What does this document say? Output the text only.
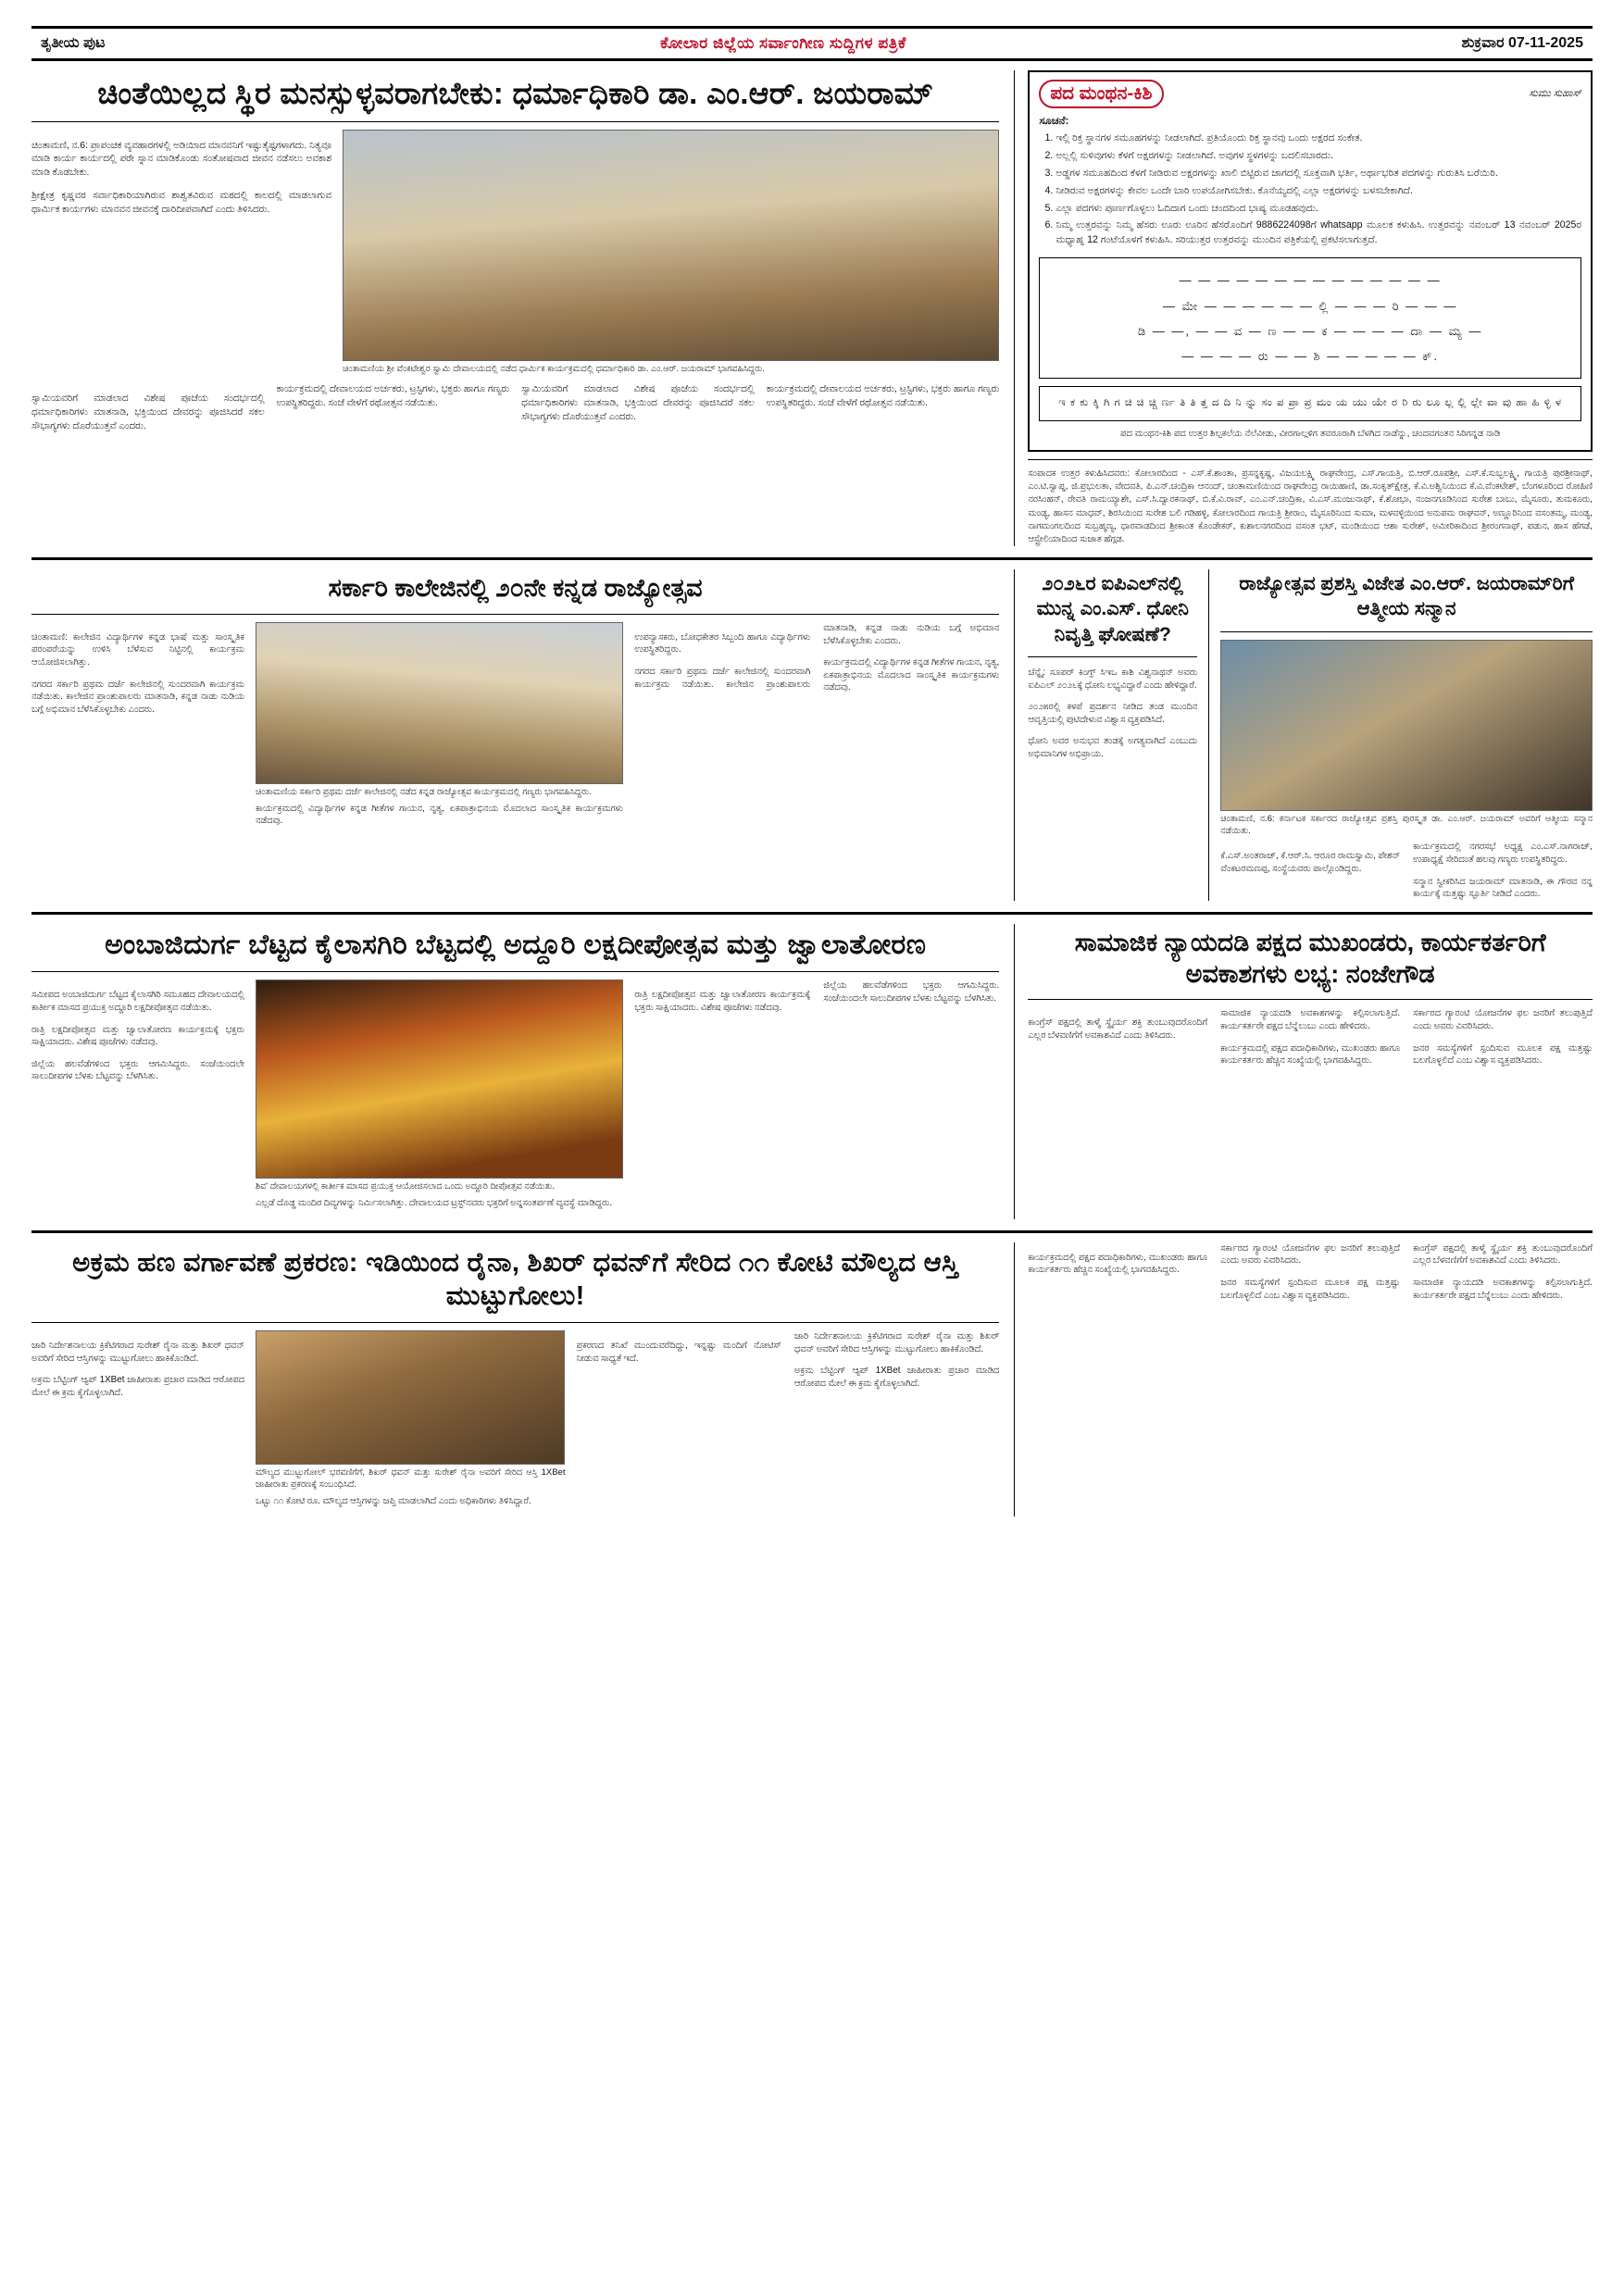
ತೃತೀಯ ಪುಟ	ಕೋಲಾರ ಜಿಲ್ಲೆಯ ಸರ್ವಾಂಗೀಣ ಸುದ್ದಿಗಳ ಪತ್ರಿಕೆ	ಶುಕ್ರವಾರ 07-11-2025
ಚಿಂತೆಯಿಲ್ಲದ ಸ್ಥಿರ ಮನಸ್ಸುಳ್ಳವರಾಗಬೇಕು: ಧರ್ಮಾಧಿಕಾರಿ ಡಾ. ಎಂ.ಆರ್. ಜಯರಾಮ್

ಚಿಂತಾಮಣಿ, ನ.6: ಪ್ರಾಪಂಚಿಕ ವ್ಯವಹಾರಗಳಲ್ಲಿ ಅಡಿಯಿಾದ ಮಾನವನಿಗೆ ಇಷ್ಟುತೈಷ್ಟಗಳಾಗದು. ನಿತ್ಯವೂ ಮಾಡಿ ಕಾರ್ಯ ಕಾರ್ಯದಲ್ಲಿ ಪರೇ ಸ್ನಾನ ಮಾಡಿಕೊಂಡು ಸಂತೋಷವಾದ ಜೀವನ ನಡೆಸಲು ಅವಕಾಶ ಮಾಡಿ ಕೊಡಬೇಕು.

ಶ್ರೀಕ್ಷೇತ್ರ ಕೃಷ್ಣವರ ಸರ್ವಾಧಿಕಾರಿಯಾಗಿರುವ ಶಾಶ್ವತವಿರುವ ಮಠದಲ್ಲಿ ಕಾಲದಲ್ಲಿ ಮಾಡಲಾಗುವ ಧಾರ್ಮಿಕ ಕಾರ್ಯಗಳು ಮಾನವನ ಜೀವನಕ್ಕೆ ದಾರಿದೀಪವಾಗಿದೆ ಎಂದು ತಿಳಿಸಿದರು.

ಚಿಂತಾಮಣಿಯ ಶ್ರೀ ವೆಂಕಟೇಶ್ವರ ಸ್ವಾಮಿ ದೇವಾಲಯದಲ್ಲಿ ನಡೆದ ಧಾರ್ಮಿಕ ಕಾರ್ಯಕ್ರಮದಲ್ಲಿ ಧರ್ಮಾಧಿಕಾರಿ ಡಾ. ಎಂ.ಆರ್. ಜಯರಾಮ್ ಭಾಗವಹಿಸಿದ್ದರು.

ಸ್ವಾಮಿಯವರಿಗೆ ಮಾಡಲಾದ ವಿಶೇಷ ಪೂಜೆಯ ಸಂದರ್ಭದಲ್ಲಿ ಧರ್ಮಾಧಿಕಾರಿಗಳು ಮಾತನಾಡಿ, ಭಕ್ತಿಯಿಂದ ದೇವರನ್ನು ಪೂಜಿಸಿದರೆ ಸಕಲ ಸೌಭಾಗ್ಯಗಳು ದೊರೆಯುತ್ತವೆ ಎಂದರು.

ಕಾರ್ಯಕ್ರಮದಲ್ಲಿ ದೇವಾಲಯದ ಅರ್ಚಕರು, ಟ್ರಸ್ಟಿಗಳು, ಭಕ್ತರು ಹಾಗೂ ಗಣ್ಯರು ಉಪಸ್ಥಿತರಿದ್ದರು. ಸಂಜೆ ವೇಳೆಗೆ ರಥೋತ್ಸವ ನಡೆಯಿತು.

ಸ್ವಾಮಿಯವರಿಗೆ ಮಾಡಲಾದ ವಿಶೇಷ ಪೂಜೆಯ ಸಂದರ್ಭದಲ್ಲಿ ಧರ್ಮಾಧಿಕಾರಿಗಳು ಮಾತನಾಡಿ, ಭಕ್ತಿಯಿಂದ ದೇವರನ್ನು ಪೂಜಿಸಿದರೆ ಸಕಲ ಸೌಭಾಗ್ಯಗಳು ದೊರೆಯುತ್ತವೆ ಎಂದರು.

ಕಾರ್ಯಕ್ರಮದಲ್ಲಿ ದೇವಾಲಯದ ಅರ್ಚಕರು, ಟ್ರಸ್ಟಿಗಳು, ಭಕ್ತರು ಹಾಗೂ ಗಣ್ಯರು ಉಪಸ್ಥಿತರಿದ್ದರು. ಸಂಜೆ ವೇಳೆಗೆ ರಥೋತ್ಸವ ನಡೆಯಿತು.

ಪದ ಮಂಥನ-ಕಿಶಿ	ಸುಮು ಸುಹಾಸ್
ಸೂಚನೆ:
1. ಇಲ್ಲಿ ರಿಕ್ತ ಸ್ಥಾನಗಳ ಸಮೂಹಗಳನ್ನು ನೀಡಲಾಗಿದೆ. ಪ್ರತಿಯೊಂದು ರಿಕ್ತ ಸ್ಥಾನವು ಒಂದು ಅಕ್ಷರದ ಸಂಕೇತ.
2. ಅಲ್ಲಲ್ಲಿ ಸುಳಿವುಗಳು ಕೆಳಗೆ ಅಕ್ಷರಗಳನ್ನು ನೀಡಲಾಗಿದೆ. ಅವುಗಳ ಸ್ಥಳಗಳನ್ನು ಬದಲಿಸಬಾರದು.
3. ಅಡ್ಡಗಳ ಸಮೂಹದಿಂದ ಕೆಳಗೆ ನೀಡಿರುವ ಅಕ್ಷರಗಳನ್ನು ಖಾಲಿ ಬಿಟ್ಟಿರುವ ಜಾಗದಲ್ಲಿ ಸೂಕ್ತವಾಗಿ ಭರ್ತಿ, ಅರ್ಥಾಭರಿತ ಪದಗಳನ್ನು ಗುರುತಿಸಿ ಬರೆಯಿರಿ.
4. ನೀಡಿರುವ ಅಕ್ಷರಗಳನ್ನು ಕೇವಲ ಒಂದೇ ಬಾರಿ ಉಪಯೋಗಿಸಬೇಕು. ಕೊನೆಯ್ಯದಲ್ಲಿ ಎಲ್ಲಾ ಅಕ್ಷರಗಳನ್ನು ಬಳಸಬೇಕಾಗಿದೆ.
5. ಎಲ್ಲಾ ಪದಗಳು ಪೂರ್ಣಗೊಳ್ಳಲು ಓದಿದಾಗ ಒಂದು ಚಂದದಿಂದ ಭಾಷ್ಯ ಮೂಡಹವುದು.
6. ನಿಮ್ಮ ಉತ್ತರವನ್ನು ನಿಮ್ಮ ಹೆಸರು ಊರು ಊರಿನ ಹೆಸರೊಂದಿಗೆ 9886224098ಗೆ whatsapp ಮೂಲಕ ಕಳುಹಿಸಿ. ಉತ್ತರವನ್ನು ನವಂಬರ್ 13 ನವಂಬರ್ 2025ರ ಮಧ್ಯಾಹ್ನ 12 ಗಂಟೆಯೊಳಗೆ ಕಳುಹಿಸಿ. ಸರಿಯುತ್ತರ ಉತ್ತರವನ್ನು ಮುಂದಿನ ಪತ್ರಿಕೆಯಲ್ಲಿ ಪ್ರಕಟಿಸಲಾಗುತ್ತದೆ.
— — — — — — — — — — — — — —
— ಮೇ — — — — — — ಲ್ಲಿ — — — ರಿ — — —
ಡಿ — —, — — ವ — ಣ — — ಕ — — — — ದಾ — ಮ್ಯ —
— — — — ರು — — ಶಿ — — — — — ಕ್.
ಇ ಕ ಕು ಕ್ಕಿ ಗಿ ಗ ಚಿ ಚಿ ಚ್ಚಿ ರ್ಣ ತಿ ತಿ ತ್ತ ದ ದಿ ನಿ ನ್ನು ಸಂ ಪ ಪ್ರಾ ಪ್ರ ಮಂ ಯ ಯು ಯೇ ರ ರಿ ರು ಲೂ ಲ್ಲ ಲ್ಲಿ ಲ್ಲೇ ವಾ ವು ಹಾ ಹಿ ಳ್ಳಿ ಳ
ಪದ ಮಂಥನ-ಕಿಶಿ ಪದ ಉತ್ತರ ಶಿಲ್ಪಕಲೆಯ ನೆಲೆವೀಡು, ವೀರಗಾಲ್ಗಳಿಗ ತವರೂರಾಗಿ ಬೆಳಗಿದ ನಾಡೆನ್ನು, ಚಂದವಗಂತನ ಸಿರಿಗನ್ನಡ ನಾಡಿ
ಸಂಪಾದಕ ಉತ್ತರ ಕಳುಹಿಸಿದವರು: ಕೋಲಾರದಿಂದ - ಎಸ್.ಕೆ.ಶಾಂತಾ, ಪ್ರಸನ್ನಕೃಷ್ಣ, ವಿಜಯಲಕ್ಷ್ಮಿ ರಾಘವೇಂದ್ರ, ಎಸ್.ಗಾಯತ್ರಿ, ಬಿ.ಆರ್.ರೂಪಶ್ರೀ, ಎಸ್.ಕೆ.ಸುಬ್ಬಲಕ್ಷ್ಮಿ, ಗಾಯತ್ರಿ ಪುರಶ್ರೀನಾಥ್, ಎಂ.ಟಿ.ಸ್ವಾಪ್ನ, ಜಿ.ಪ್ರಭುಲತಾ, ವೇದವತಿ, ಪಿ.ಎನ್.ಚಂದ್ರಿಕಾ ಆನಂದ್, ಚಂತಾಮಣಿಯಿಂದ ರಾಘವೇಂದ್ರ ರಾಯಿಹಾಣಿ, ಡಾ.ಸಂಕೃತ್‌ಕ್ಷೇತ್ರ, ಕೆ.ವಿ.ಅಶ್ವಿನಿಯಿಂದ ಕೆ.ವಿ.ವೆಂಕಟೇಶ್, ಬೆಂಗಳೂರಿಂದ ರೋಹಿಣಿ ನರಸಿಂಹನ್, ರೇವತಿ ರಾಮಯ್ಯಾಶೇ, ಎಸ್.ಸಿ.ದ್ವಾರಕನಾಥ್, ಬಿ.ಕೆ.ವಿ.ರಾವ್, ಎಂ.ಎನ್.ಚಂದ್ರಿಕಾ, ವಿ.ಎಸ್.ಮಂಜುನಾಥ್, ಕೆ.ಶೋಭಾ, ನಂಜನಗೂಡಿನಿಂದ ಸುರೇಶ ಬಾಬು, ಮೈಸೂರು, ತುಮಕೂರು, ಮಂಡ್ಯ, ಹಾಸನ ಮಾಧವ್, ಶಿರಸಿಯಿಂದ ಸುರೇಶ ಬಲಿ ಗಡಿಹಳ್ಳಿ, ಕೋಲಾರದಿಂದ ಗಾಯತ್ರಿ ಶ್ರೀರಾಂ, ಮೈಸೂರಿನಿಂದ ಸುಮಾ, ಮಳವಳ್ಳಿಯಿಂದ ಅನುಪಮ ರಾಘವನ್, ಅಣ್ಣೂರಿನಿಂದ ವಸಂತಮ್ಮ, ಮಂಡ್ಯ, ನಾಗಮಂಗಲದಿಂದ ಸುಬ್ರಹ್ಮಣ್ಯ, ಧಾರವಾಡದಿಂದ ಶ್ರೀಕಾಂತ ಕೊಂಡೇಕರ್, ಕುಶಾಲನಗರದಿಂದ ವಸಂತ ಭಟ್, ಮಂಡಿಯಿಂದ ಆಶಾ ಸುರೇಶ್, ಅಮೀರಿಕಾದಿಂದ ಶ್ರೀರಂಗನಾಥ್, ಪಡುನ, ಹಾಸ ಹೆಗಡೆ, ಆಸ್ಟ್ರೇಲಿಯಾದಿಂದ ಸುಜಾತ ಹೆಗ್ಗಡ.
ಸರ್ಕಾರಿ ಕಾಲೇಜಿನಲ್ಲಿ ೨೦ನೇ ಕನ್ನಡ ರಾಜ್ಯೋತ್ಸವ

ಚಿಂತಾಮಣಿ: ಕಾಲೇಜಿನ ವಿದ್ಯಾರ್ಥಿಗಳ ಕನ್ನಡ ಭಾಷೆ ಮತ್ತು ಸಾಂಸ್ಕೃತಿಕ ಪರಂಪರೆಯನ್ನು ಉಳಿಸಿ ಬೆಳೆಸುವ ನಿಟ್ಟಿನಲ್ಲಿ ಕಾರ್ಯಕ್ರಮ ಆಯೋಜಿಸಲಾಗಿತ್ತು.

ನಗರದ ಸರ್ಕಾರಿ ಪ್ರಥಮ ದರ್ಜೆ ಕಾಲೇಜಿನಲ್ಲಿ ಸುಂದರವಾಗಿ ಕಾರ್ಯಕ್ರಮ ನಡೆಯಿತು. ಕಾಲೇಜಿನ ಪ್ರಾಂಶುಪಾಲರು ಮಾತನಾಡಿ, ಕನ್ನಡ ನಾಡು ನುಡಿಯ ಬಗ್ಗೆ ಅಭಿಮಾನ ಬೆಳೆಸಿಕೊಳ್ಳಬೇಕು ಎಂದರು.

ಚಿಂತಾಮಣಿಯ ಸರ್ಕಾರಿ ಪ್ರಥಮ ದರ್ಜೆ ಕಾಲೇಜಿನಲ್ಲಿ ನಡೆದ ಕನ್ನಡ ರಾಜ್ಯೋತ್ಸವ ಕಾರ್ಯಕ್ರಮದಲ್ಲಿ ಗಣ್ಯರು ಭಾಗವಹಿಸಿದ್ದರು.

ಕಾರ್ಯಕ್ರಮದಲ್ಲಿ ವಿದ್ಯಾರ್ಥಿಗಳ ಕನ್ನಡ ಗೀತೆಗಳ ಗಾಯನ, ನೃತ್ಯ, ಏಕಪಾತ್ರಾಭಿನಯ ಮೊದಲಾದ ಸಾಂಸ್ಕೃತಿಕ ಕಾರ್ಯಕ್ರಮಗಳು ನಡೆದವು.

ಉಪನ್ಯಾಸಕರು, ಬೋಧಕೇತರ ಸಿಬ್ಬಂದಿ ಹಾಗೂ ವಿದ್ಯಾರ್ಥಿಗಳು ಉಪಸ್ಥಿತರಿದ್ದರು.

ನಗರದ ಸರ್ಕಾರಿ ಪ್ರಥಮ ದರ್ಜೆ ಕಾಲೇಜಿನಲ್ಲಿ ಸುಂದರವಾಗಿ ಕಾರ್ಯಕ್ರಮ ನಡೆಯಿತು. ಕಾಲೇಜಿನ ಪ್ರಾಂಶುಪಾಲರು ಮಾತನಾಡಿ, ಕನ್ನಡ ನಾಡು ನುಡಿಯ ಬಗ್ಗೆ ಅಭಿಮಾನ ಬೆಳೆಸಿಕೊಳ್ಳಬೇಕು ಎಂದರು.

ಕಾರ್ಯಕ್ರಮದಲ್ಲಿ ವಿದ್ಯಾರ್ಥಿಗಳ ಕನ್ನಡ ಗೀತೆಗಳ ಗಾಯನ, ನೃತ್ಯ, ಏಕಪಾತ್ರಾಭಿನಯ ಮೊದಲಾದ ಸಾಂಸ್ಕೃತಿಕ ಕಾರ್ಯಕ್ರಮಗಳು ನಡೆದವು.

೨೦೨೬ರ ಐಪಿಎಲ್‌ನಲ್ಲಿ ಮುನ್ನ ಎಂ.ಎಸ್. ಧೋನಿ ನಿವೃತ್ತಿ ಘೋಷಣೆ?

ಚೆನ್ನೈ: ಸೂಪರ್ ಕಿಂಗ್ಸ್ ಸಿಇಒ ಕಾಶಿ ವಿಶ್ವನಾಥನ್ ಅವರು ಐಪಿಎಲ್ ೨೦೨೬ಕ್ಕೆ ಧೋನಿ ಲಭ್ಯವಿದ್ದಾರೆ ಎಂದು ಹೇಳಿದ್ದಾರೆ.

೨೦೨೫ರಲ್ಲಿ ಕಳಪೆ ಪ್ರದರ್ಶನ ನೀಡಿದ ತಂಡ ಮುಂದಿನ ಆವೃತ್ತಿಯಲ್ಲಿ ಪುಟಿದೇಳುವ ವಿಶ್ವಾಸ ವ್ಯಕ್ತಪಡಿಸಿದೆ.

ಧೋನಿ ಅವರ ಅನುಭವ ತಂಡಕ್ಕೆ ಅಗತ್ಯವಾಗಿದೆ ಎಂಬುದು ಅಭಿಮಾನಿಗಳ ಅಭಿಪ್ರಾಯ.

ರಾಜ್ಯೋತ್ಸವ ಪ್ರಶಸ್ತಿ ವಿಜೇತ ಎಂ.ಆರ್. ಜಯರಾಮ್‌ರಿಗೆ ಆತ್ಮೀಯ ಸನ್ಮಾನ
ಚಿಂತಾಮಣಿ, ನ.6: ಕರ್ನಾಟಕ ಸರ್ಕಾರದ ರಾಜ್ಯೋತ್ಸವ ಪ್ರಶಸ್ತಿ ಪುರಸ್ಕೃತ ಡಾ. ಎಂ.ಆರ್. ಜಯರಾಮ್ ಅವರಿಗೆ ಆತ್ಮೀಯ ಸನ್ಮಾನ ನಡೆಯಿತು.

ಕೆ.ಎಸ್.ಅಂತರಾಜ್, ಕೆ.ಆರ್.ಸಿ. ಆರೂರ ರಾಮಸ್ವಾಮಿ, ಪೇಶನ್ ವೆಂಕಟರಮಣಪ್ಪ, ಸಂಸ್ಥೆಯವರು ಪಾಲ್ಗೊಂಡಿದ್ದರು.

ಕಾರ್ಯಕ್ರಮದಲ್ಲಿ ನಗರಸಭೆ ಅಧ್ಯಕ್ಷ ಎಂ.ಎಸ್.ನಾಗರಾಜ್, ಉಪಾಧ್ಯಕ್ಷೆ ಸೇರಿದಂತೆ ಹಲವು ಗಣ್ಯರು ಉಪಸ್ಥಿತರಿದ್ದರು.

ಸನ್ಮಾನ ಸ್ವೀಕರಿಸಿದ ಜಯರಾಮ್ ಮಾತನಾಡಿ, ಈ ಗೌರವ ನನ್ನ ಕಾರ್ಯಕ್ಕೆ ಮತ್ತಷ್ಟು ಸ್ಫೂರ್ತಿ ನೀಡಿದೆ ಎಂದರು.

ಅಂಬಾಜಿದುರ್ಗ ಬೆಟ್ಟದ ಕೈಲಾಸಗಿರಿ ಬೆಟ್ಟದಲ್ಲಿ ಅದ್ದೂರಿ ಲಕ್ಷದೀಪೋತ್ಸವ ಮತ್ತು ಜ್ವಾಲಾತೋರಣ

ಸಮೀಪದ ಅಂಬಾಜಿದುರ್ಗ ಬೆಟ್ಟದ ಕೈಲಾಸಗಿರಿ ಸಮೂಹದ ದೇವಾಲಯದಲ್ಲಿ ಕಾರ್ತೀಕ ಮಾಸದ ಪ್ರಯುಕ್ತ ಅದ್ದೂರಿ ಲಕ್ಷದೀಪೋತ್ಸವ ನಡೆಯಿತು.

ರಾತ್ರಿ ಲಕ್ಷದೀಪೋತ್ಸವ ಮತ್ತು ಜ್ವಾಲಾತೋರಣ ಕಾರ್ಯಕ್ರಮಕ್ಕೆ ಭಕ್ತರು ಸಾಕ್ಷಿಯಾದರು. ವಿಶೇಷ ಪೂಜೆಗಳು ನಡೆದವು.

ಜಿಲ್ಲೆಯ ಹಲವೆಡೆಗಳಿಂದ ಭಕ್ತರು ಆಗಮಿಸಿದ್ದರು. ಸಂಜೆಯಿಂದಲೇ ಸಾಲುದೀಪಗಳ ಬೆಳಕು ಬೆಟ್ಟವನ್ನು ಬೆಳಗಿಸಿತು.

ಶಿವ' ದೇವಾಲಯಗಳಲ್ಲಿ ಕಾರ್ತೀಕ ಮಾಸದ ಪ್ರಯುಕ್ತ ಆಯೋಜಿಸಲಾದ ಒಂದು ಅದ್ದೂರಿ ದೀಪೋತ್ಸವ ನಡೆಯಿತು.

ಎಲ್ಲಡೆ ದೊಡ್ಡ ಮಂದಿರ ದಿವ್ಯಗಳನ್ನು ನಿರ್ಮಿಸಲಾಗಿತ್ತು. ದೇವಾಲಯದ ಟ್ರಸ್ಟ್‌ನವರು ಭಕ್ತರಿಗೆ ಅನ್ನಸಂತರ್ಪಣೆ ವ್ಯವಸ್ಥೆ ಮಾಡಿದ್ದರು.

ರಾತ್ರಿ ಲಕ್ಷದೀಪೋತ್ಸವ ಮತ್ತು ಜ್ವಾಲಾತೋರಣ ಕಾರ್ಯಕ್ರಮಕ್ಕೆ ಭಕ್ತರು ಸಾಕ್ಷಿಯಾದರು. ವಿಶೇಷ ಪೂಜೆಗಳು ನಡೆದವು.

ಜಿಲ್ಲೆಯ ಹಲವೆಡೆಗಳಿಂದ ಭಕ್ತರು ಆಗಮಿಸಿದ್ದರು. ಸಂಜೆಯಿಂದಲೇ ಸಾಲುದೀಪಗಳ ಬೆಳಕು ಬೆಟ್ಟವನ್ನು ಬೆಳಗಿಸಿತು.

ಸಾಮಾಜಿಕ ನ್ಯಾಯದಡಿ ಪಕ್ಷದ ಮುಖಂಡರು, ಕಾರ್ಯಕರ್ತರಿಗೆ ಅವಕಾಶಗಳು ಲಭ್ಯ: ನಂಜೇಗೌಡ

ಕಾಂಗ್ರೆಸ್ ಪಕ್ಷದಲ್ಲಿ ತಾಳ್ಮೆ ಸ್ಥೈರ್ಯ ಶಕ್ತಿ ತುಂಬುವುದರೊಂದಿಗೆ ಎಲ್ಲರ ಬೆಳವಣಿಗೆಗೆ ಅವಕಾಶವಿದೆ ಎಂದು ತಿಳಿಸಿದರು.

ಸಾಮಾಜಿಕ ನ್ಯಾಯದಡಿ ಅವಕಾಶಗಳನ್ನು ಕಲ್ಪಿಸಲಾಗುತ್ತಿದೆ. ಕಾರ್ಯಕರ್ತರೇ ಪಕ್ಷದ ಬೆನ್ನೆಲುಬು ಎಂದು ಹೇಳಿದರು.

ಕಾರ್ಯಕ್ರಮದಲ್ಲಿ ಪಕ್ಷದ ಪದಾಧಿಕಾರಿಗಳು, ಮುಖಂಡರು ಹಾಗೂ ಕಾರ್ಯಕರ್ತರು ಹೆಚ್ಚಿನ ಸಂಖ್ಯೆಯಲ್ಲಿ ಭಾಗವಹಿಸಿದ್ದರು.

ಸರ್ಕಾರದ ಗ್ಯಾರಂಟಿ ಯೋಜನೆಗಳ ಫಲ ಜನರಿಗೆ ತಲುಪುತ್ತಿದೆ ಎಂದು ಅವರು ವಿವರಿಸಿದರು.

ಜನರ ಸಮಸ್ಯೆಗಳಿಗೆ ಸ್ಪಂದಿಸುವ ಮೂಲಕ ಪಕ್ಷ ಮತ್ತಷ್ಟು ಬಲಗೊಳ್ಳಲಿದೆ ಎಂಬ ವಿಶ್ವಾಸ ವ್ಯಕ್ತಪಡಿಸಿದರು.

ಅಕ್ರಮ ಹಣ ವರ್ಗಾವಣೆ ಪ್ರಕರಣ: ಇಡಿಯಿಂದ ರೈನಾ, ಶಿಖರ್ ಧವನ್‌ಗೆ ಸೇರಿದ ೧೧ ಕೋಟಿ ಮೌಲ್ಯದ ಆಸ್ತಿ ಮುಟ್ಟುಗೋಲು!

ಜಾರಿ ನಿರ್ದೇಶನಾಲಯ ಕ್ರಿಕೆಟಿಗರಾದ ಸುರೇಶ್ ರೈನಾ ಮತ್ತು ಶಿಖರ್ ಧವನ್ ಅವರಿಗೆ ಸೇರಿದ ಆಸ್ತಿಗಳನ್ನು ಮುಟ್ಟುಗೋಲು ಹಾಕಿಕೊಂಡಿದೆ.

ಅಕ್ರಮ ಬೆಟ್ಟಿಂಗ್ ಆ್ಯಪ್ 1XBet ಜಾಹೀರಾತು ಪ್ರಚಾರ ಮಾಡಿದ ಆರೋಪದ ಮೇಲೆ ಈ ಕ್ರಮ ಕೈಗೊಳ್ಳಲಾಗಿದೆ.

ಮೌಲ್ಯದ ಮುಟ್ಟುಗೋಲ್ ಭರವಣಿಗೆಗೆ, ಶಿಖರ್ ಧವನ್ ಮತ್ತು ಸುರೇಶ್ ರೈನಾ ಅವರಿಗೆ ಸೇರಿದ ಆಸ್ತಿ 1XBet ಜಾಹೀರಾತು ಪ್ರಕರಣಕ್ಕೆ ಸಂಬಂಧಿಸಿದೆ.

ಒಟ್ಟು ೧೧ ಕೋಟಿ ರೂ. ಮೌಲ್ಯದ ಆಸ್ತಿಗಳನ್ನು ಜಪ್ತಿ ಮಾಡಲಾಗಿದೆ ಎಂದು ಅಧಿಕಾರಿಗಳು ತಿಳಿಸಿದ್ದಾರೆ.

ಪ್ರಕರಣದ ತನಿಖೆ ಮುಂದುವರೆದಿದ್ದು, ಇನ್ನಷ್ಟು ಮಂದಿಗೆ ನೋಟಿಸ್ ನೀಡುವ ಸಾಧ್ಯತೆ ಇದೆ.

ಜಾರಿ ನಿರ್ದೇಶನಾಲಯ ಕ್ರಿಕೆಟಿಗರಾದ ಸುರೇಶ್ ರೈನಾ ಮತ್ತು ಶಿಖರ್ ಧವನ್ ಅವರಿಗೆ ಸೇರಿದ ಆಸ್ತಿಗಳನ್ನು ಮುಟ್ಟುಗೋಲು ಹಾಕಿಕೊಂಡಿದೆ.

ಅಕ್ರಮ ಬೆಟ್ಟಿಂಗ್ ಆ್ಯಪ್ 1XBet ಜಾಹೀರಾತು ಪ್ರಚಾರ ಮಾಡಿದ ಆರೋಪದ ಮೇಲೆ ಈ ಕ್ರಮ ಕೈಗೊಳ್ಳಲಾಗಿದೆ.

ಕಾರ್ಯಕ್ರಮದಲ್ಲಿ ಪಕ್ಷದ ಪದಾಧಿಕಾರಿಗಳು, ಮುಖಂಡರು ಹಾಗೂ ಕಾರ್ಯಕರ್ತರು ಹೆಚ್ಚಿನ ಸಂಖ್ಯೆಯಲ್ಲಿ ಭಾಗವಹಿಸಿದ್ದರು.

ಸರ್ಕಾರದ ಗ್ಯಾರಂಟಿ ಯೋಜನೆಗಳ ಫಲ ಜನರಿಗೆ ತಲುಪುತ್ತಿದೆ ಎಂದು ಅವರು ವಿವರಿಸಿದರು.

ಜನರ ಸಮಸ್ಯೆಗಳಿಗೆ ಸ್ಪಂದಿಸುವ ಮೂಲಕ ಪಕ್ಷ ಮತ್ತಷ್ಟು ಬಲಗೊಳ್ಳಲಿದೆ ಎಂಬ ವಿಶ್ವಾಸ ವ್ಯಕ್ತಪಡಿಸಿದರು.

ಕಾಂಗ್ರೆಸ್ ಪಕ್ಷದಲ್ಲಿ ತಾಳ್ಮೆ ಸ್ಥೈರ್ಯ ಶಕ್ತಿ ತುಂಬುವುದರೊಂದಿಗೆ ಎಲ್ಲರ ಬೆಳವಣಿಗೆಗೆ ಅವಕಾಶವಿದೆ ಎಂದು ತಿಳಿಸಿದರು.

ಸಾಮಾಜಿಕ ನ್ಯಾಯದಡಿ ಅವಕಾಶಗಳನ್ನು ಕಲ್ಪಿಸಲಾಗುತ್ತಿದೆ. ಕಾರ್ಯಕರ್ತರೇ ಪಕ್ಷದ ಬೆನ್ನೆಲುಬು ಎಂದು ಹೇಳಿದರು.
